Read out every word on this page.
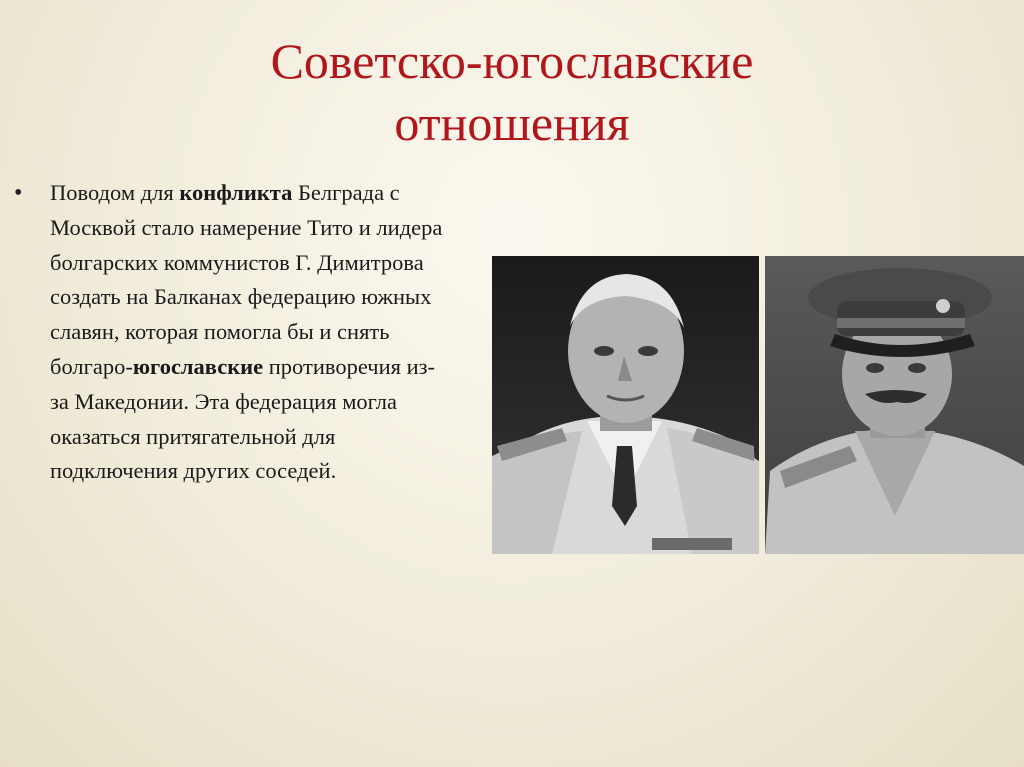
Советско-югославские
отношения
• Поводом для конфликта Белграда с Москвой стало намерение Тито и лидера болгарских коммунистов Г. Димитрова создать на Балканах федерацию южных славян, которая помогла бы и снять болгаро-югославские противоречия из-за Македонии. Эта федерация могла оказаться притягательной для подключения других соседей.
